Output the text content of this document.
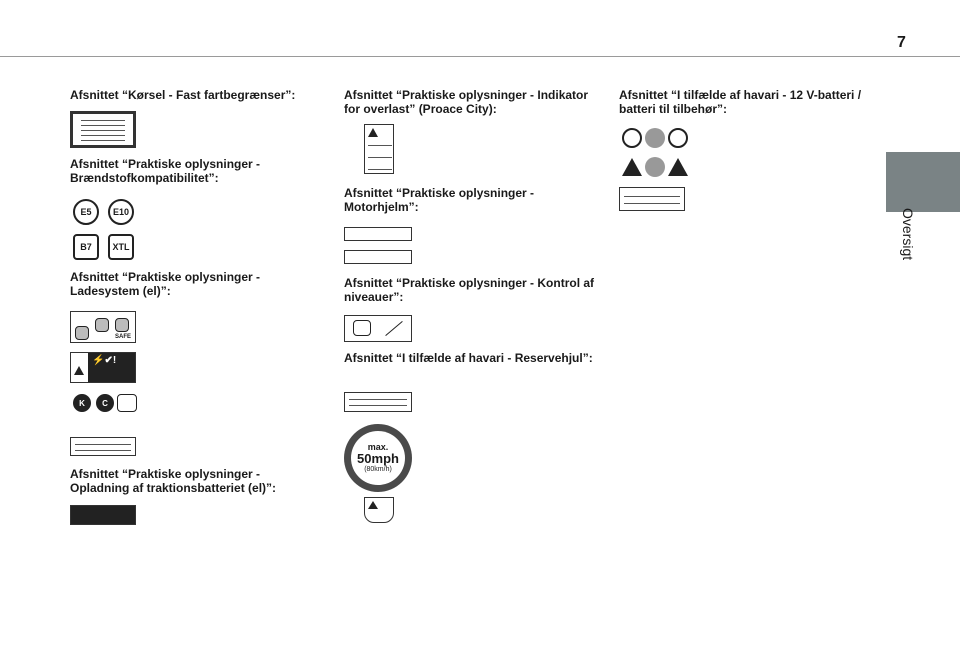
7
Oversigt
Afsnittet “Kørsel - Fast fartbegrænser”:
Afsnittet “Praktiske oplysninger - Brændstofkompatibilitet”:
E5	E10
B7	XTL
Afsnittet “Praktiske oplysninger - Ladesystem (el)”:
SAFE
⚡✔!
K	C
Afsnittet “Praktiske oplysninger - Opladning af traktionsbatteriet (el)”:
Afsnittet “Praktiske oplysninger - Indikator for overlast” (Proace City):
Afsnittet “Praktiske oplysninger - Motorhjelm”:
Afsnittet “Praktiske oplysninger - Kontrol af niveauer”:
Afsnittet “I tilfælde af havari - Reservehjul”:
max.
50mph
(80km/h)
Afsnittet “I tilfælde af havari - 12 V-batteri / batteri til tilbehør”:
